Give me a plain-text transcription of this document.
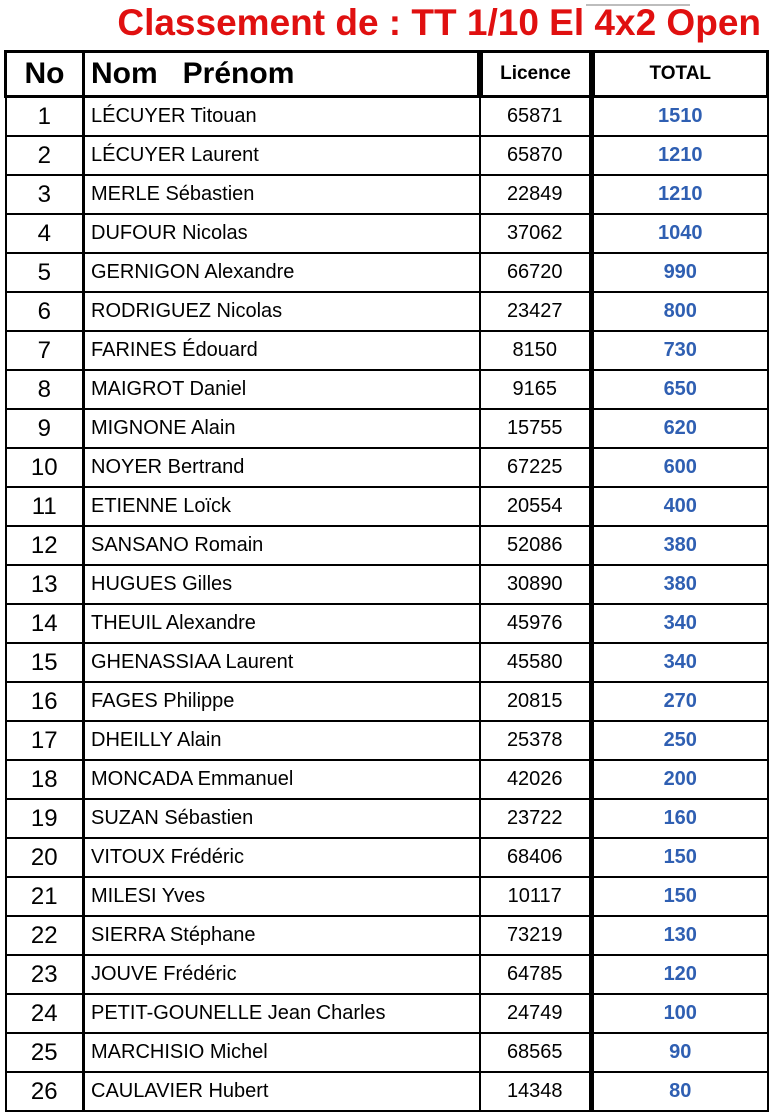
Classement de : TT 1/10 El 4x2 Open
No	Nom   Prénom	Licence	TOTAL
1	LÉCUYER Titouan	65871	1510
2	LÉCUYER Laurent	65870	1210
3	MERLE Sébastien	22849	1210
4	DUFOUR Nicolas	37062	1040
5	GERNIGON Alexandre	66720	990
6	RODRIGUEZ Nicolas	23427	800
7	FARINES Édouard	8150	730
8	MAIGROT Daniel	9165	650
9	MIGNONE Alain	15755	620
10	NOYER Bertrand	67225	600
11	ETIENNE Loïck	20554	400
12	SANSANO Romain	52086	380
13	HUGUES Gilles	30890	380
14	THEUIL Alexandre	45976	340
15	GHENASSIAA Laurent	45580	340
16	FAGES Philippe	20815	270
17	DHEILLY Alain	25378	250
18	MONCADA Emmanuel	42026	200
19	SUZAN Sébastien	23722	160
20	VITOUX Frédéric	68406	150
21	MILESI Yves	10117	150
22	SIERRA Stéphane	73219	130
23	JOUVE Frédéric	64785	120
24	PETIT-GOUNELLE Jean Charles	24749	100
25	MARCHISIO Michel	68565	90
26	CAULAVIER Hubert	14348	80
